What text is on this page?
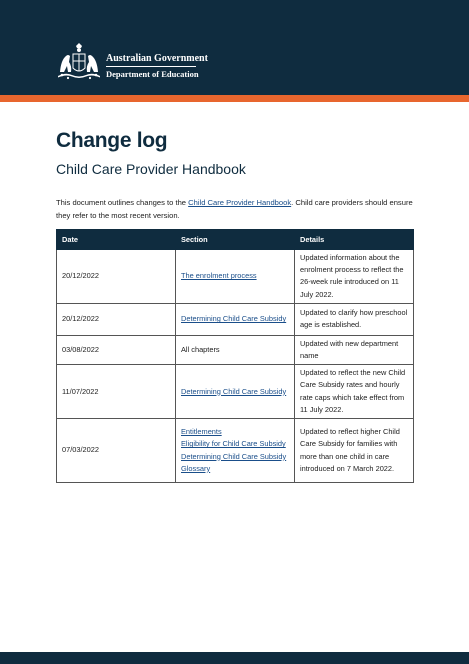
Australian Government
Department of Education
Change log
Child Care Provider Handbook

This document outlines changes to the Child Care Provider Handbook. Child care providers should ensure they refer to the most recent version.

Date	Section	Details
20/12/2022	The enrolment process	Updated information about the enrolment process to reflect the 26-week rule introduced on 11 July 2022.
20/12/2022	Determining Child Care Subsidy	Updated to clarify how preschool age is established.
03/08/2022	All chapters	Updated with new department name
11/07/2022	Determining Child Care Subsidy	Updated to reflect the new Child Care Subsidy rates and hourly rate caps which take effect from 11 July 2022.
07/03/2022	Entitlements
Eligibility for Child Care Subsidy
Determining Child Care Subsidy
Glossary	Updated to reflect higher Child Care Subsidy for families with more than one child in care introduced on 7 March 2022.
